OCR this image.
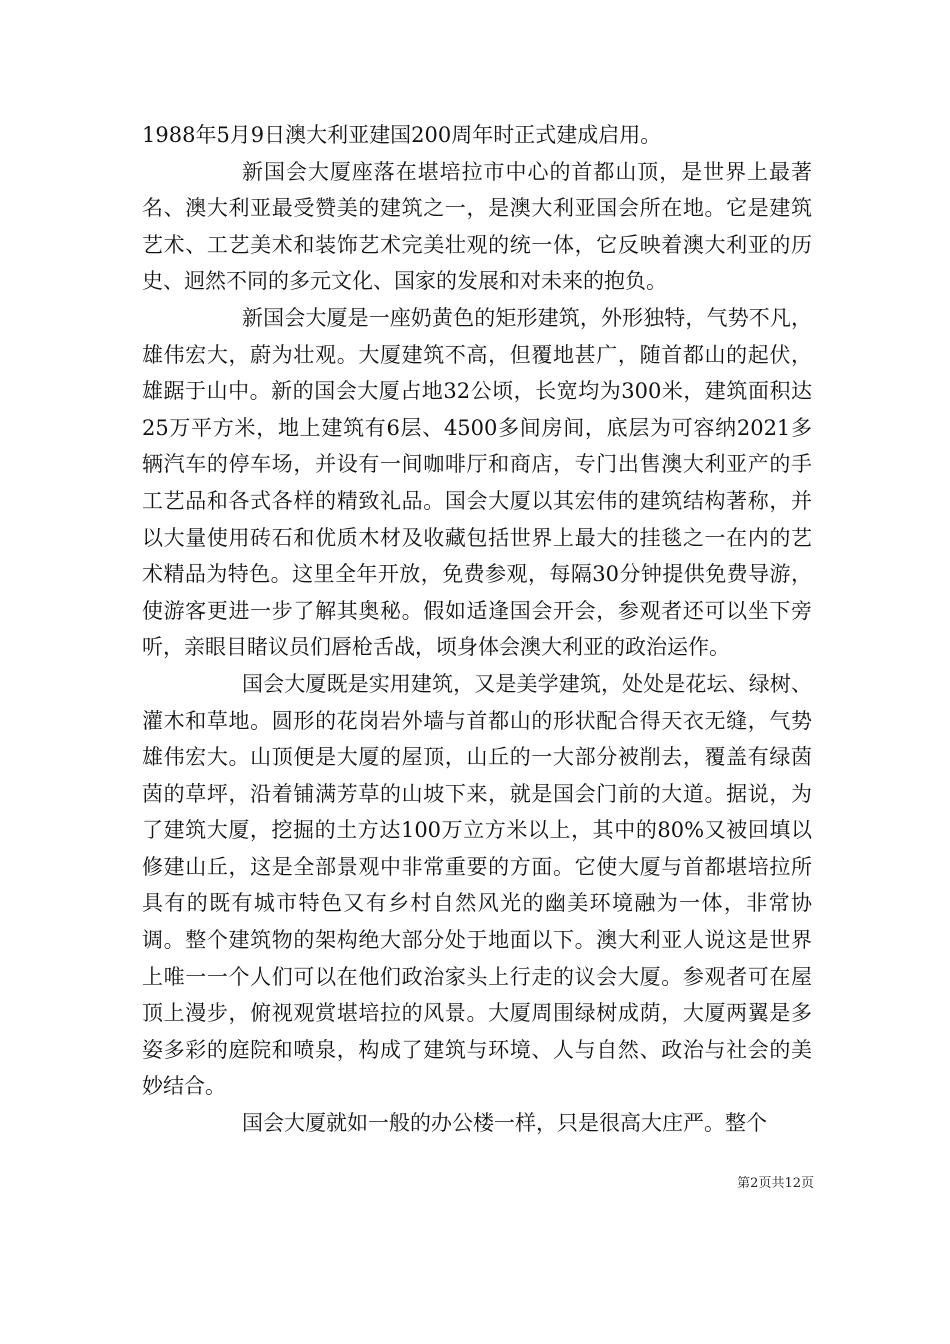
1988年5月9日澳大利亚建国200周年时正式建成启用。

新国会大厦座落在堪培拉市中心的首都山顶，是世界上最著名、澳大利亚最受赞美的建筑之一，是澳大利亚国会所在地。它是建筑艺术、工艺美术和装饰艺术完美壮观的统一体，它反映着澳大利亚的历史、迥然不同的多元文化、国家的发展和对未来的抱负。

新国会大厦是一座奶黄色的矩形建筑，外形独特，气势不凡，雄伟宏大，蔚为壮观。大厦建筑不高，但覆地甚广，随首都山的起伏，雄踞于山中。新的国会大厦占地32公顷，长宽均为300米，建筑面积达25万平方米，地上建筑有6层、4500多间房间，底层为可容纳2021多辆汽车的停车场，并设有一间咖啡厅和商店，专门出售澳大利亚产的手工艺品和各式各样的精致礼品。国会大厦以其宏伟的建筑结构著称，并以大量使用砖石和优质木材及收藏包括世界上最大的挂毯之一在内的艺术精品为特色。这里全年开放，免费参观，每隔30分钟提供免费导游，使游客更进一步了解其奥秘。假如适逢国会开会，参观者还可以坐下旁听，亲眼目睹议员们唇枪舌战，顷身体会澳大利亚的政治运作。

国会大厦既是实用建筑，又是美学建筑，处处是花坛、绿树、灌木和草地。圆形的花岗岩外墙与首都山的形状配合得天衣无缝，气势雄伟宏大。山顶便是大厦的屋顶，山丘的一大部分被削去，覆盖有绿茵茵的草坪，沿着铺满芳草的山坡下来，就是国会门前的大道。据说，为了建筑大厦，挖掘的土方达100万立方米以上，其中的80%又被回填以修建山丘，这是全部景观中非常重要的方面。它使大厦与首都堪培拉所具有的既有城市特色又有乡村自然风光的幽美环境融为一体，非常协调。整个建筑物的架构绝大部分处于地面以下。澳大利亚人说这是世界上唯一一个人们可以在他们政治家头上行走的议会大厦。参观者可在屋顶上漫步，俯视观赏堪培拉的风景。大厦周围绿树成荫，大厦两翼是多姿多彩的庭院和喷泉，构成了建筑与环境、人与自然、政治与社会的美妙结合。

国会大厦就如一般的办公楼一样，只是很高大庄严。整个

第2页共12页
